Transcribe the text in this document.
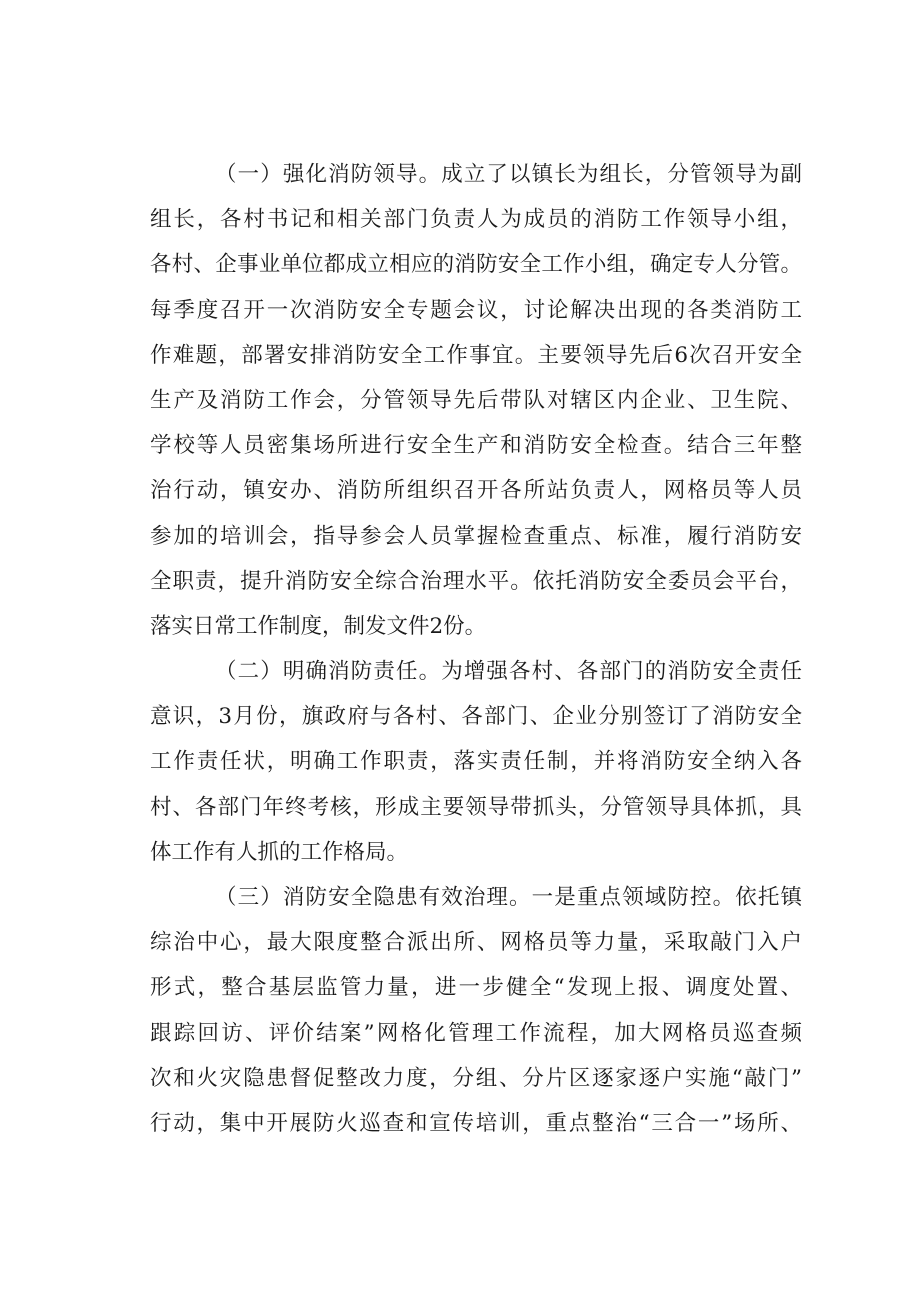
（一）强化消防领导。成立了以镇长为组长，分管领导为副
组长，各村书记和相关部门负责人为成员的消防工作领导小组，
各村、企事业单位都成立相应的消防安全工作小组，确定专人分管。
每季度召开一次消防安全专题会议，讨论解决出现的各类消防工
作难题，部署安排消防安全工作事宜。主要领导先后6次召开安全
生产及消防工作会，分管领导先后带队对辖区内企业、卫生院、
学校等人员密集场所进行安全生产和消防安全检查。结合三年整
治行动，镇安办、消防所组织召开各所站负责人，网格员等人员
参加的培训会，指导参会人员掌握检查重点、标准，履行消防安
全职责，提升消防安全综合治理水平。依托消防安全委员会平台，
落实日常工作制度，制发文件2份。
（二）明确消防责任。为增强各村、各部门的消防安全责任
意识，3月份，旗政府与各村、各部门、企业分别签订了消防安全
工作责任状，明确工作职责，落实责任制，并将消防安全纳入各
村、各部门年终考核，形成主要领导带抓头，分管领导具体抓，具
体工作有人抓的工作格局。
（三）消防安全隐患有效治理。一是重点领域防控。依托镇
综治中心，最大限度整合派出所、网格员等力量，采取敲门入户
形式，整合基层监管力量，进一步健全“发现上报、调度处置、
跟踪回访、评价结案”网格化管理工作流程，加大网格员巡查频
次和火灾隐患督促整改力度，分组、分片区逐家逐户实施“敲门”
行动，集中开展防火巡查和宣传培训，重点整治“三合一”场所、
